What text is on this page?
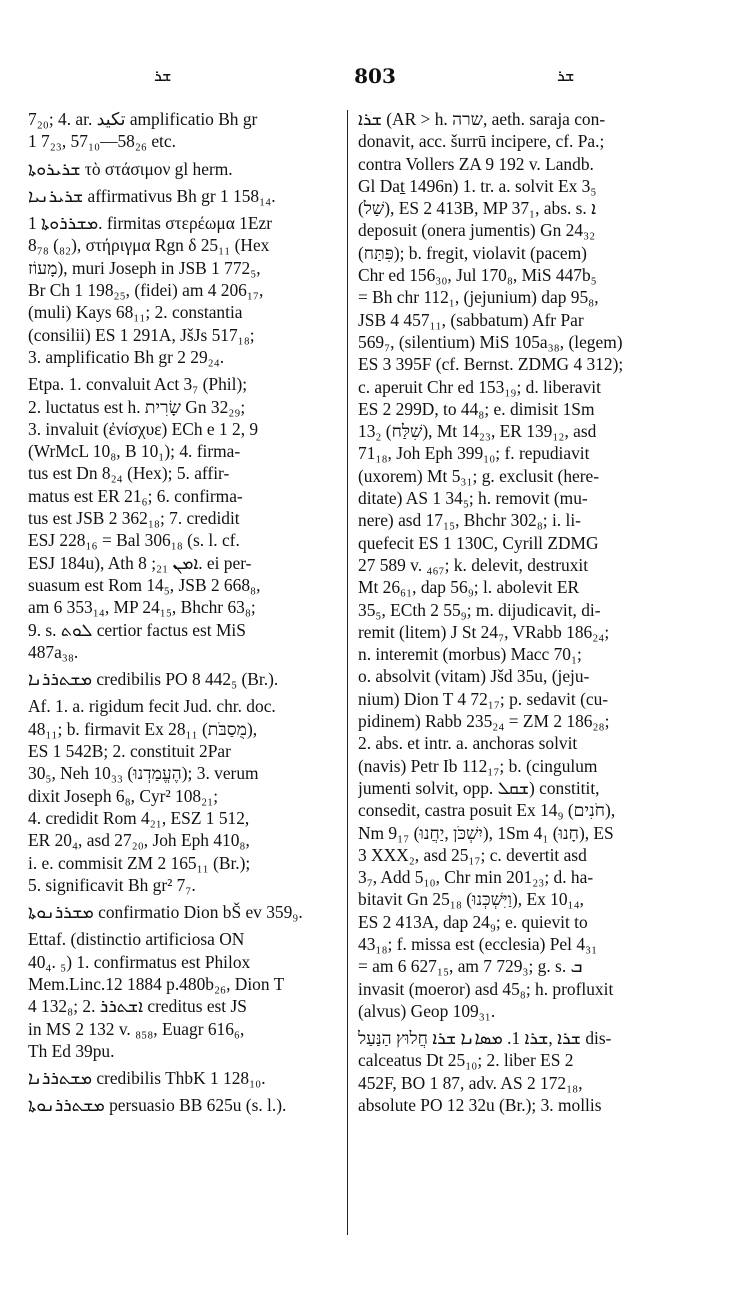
ܫܪ	803	ܫܪ
7₂₀; 4. ar. ﺗﻜﯿﺪ amplificatio Bh gr
1 7₂₃, 57₁₀—58₂₆ etc.
ܫܪܝܪܘܬܐ τὸ στάσιμον gl herm.
ܫܪܝܪܢܝܐ affirmativus Bh gr 1 158₁₄.
ܡܫܪܪܘܬܐ 1. firmitas στερέωμα 1Ezr
8₇₈ (₈₂), στήριγμα Rgn δ 25₁₁ (Hex
מָעוֹז), muri Joseph in JSB 1 772₅,
Br Ch 1 198₂₅, (fidei) am 4 206₁₇,
(muli) Kays 68₁₁; 2. constantia
(consilii) ES 1 291A, JšJs 517₁₈;
3. amplificatio Bh gr 2 29₂₄.
Etpa. 1. convaluit Act 3₇ (Phil);
2. luctatus est h. שָׂרִית Gn 32₂₉;
3. invaluit (ἐνίσχυε) ECh e 1 2, 9
(WrMcL 10₈, B 10₁); 4. firma-
tus est Dn 8₂₄ (Hex); 5. affir-
matus est ER 21₆; 6. confirma-
tus est JSB 2 362₁₈; 7. credidit
ESJ 228₁₆ = Bal 306₁₈ (s. l. cf.
ESJ 184u), Ath ܐܡܢ ₂₁; 8. ei per-
suasum est Rom 14₅, JSB 2 668₈,
am 6 353₁₄, MP 24₁₅, Bhchr 63₈;
9. s. ܠܘܬ certior factus est MiS
487a₃₈.
ܡܫܬܪܪܢܐ credibilis PO 8 442₅ (Br.).
Af. 1. a. rigidum fecit Jud. chr. doc.
48₁₁; b. firmavit Ex 28₁₁ (מֻסַבֹּת),
ES 1 542B; 2. constituit 2Par
30₅, Neh 10₃₃ (הֶעֱמַדְנוּ); 3. verum
dixit Joseph 6₈, Cyr² 108₂₁;
4. credidit Rom 4₂₁, ESZ 1 512,
ER 20₄, asd 27₂₀, Joh Eph 410₈,
i. e. commisit ZM 2 165₁₁ (Br.);
5. significavit Bh gr² 7₇.
ܡܫܪܪܢܘܬܐ confirmatio Dion bŠ ev 359₉.
Ettaf. (distinctio artificiosa ON
40₄. ₅) 1. confirmatus est Philox
Mem.Linc.12 1884 p.480b₂₆, Dion T
4 132₈; 2. ܐܫܬܪܪ creditus est JS
in MS 2 132 v. ₈₅₈, Euagr 616₆,
Th Ed 39pu.
ܡܫܬܪܪܢܐ credibilis ThbK 1 128₁₀.
ܡܫܬܪܪܢܘܬܐ persuasio BB 625u (s. l.).
ܫܪܐ (AR > h. שרה, aeth. saraja con-
donavit, acc. šurrū incipere, cf. Pa.;
contra Vollers ZA 9 192 v. Landb.
Gl Daṯ 1496n) 1. tr. a. solvit Ex 3₅
(שַׁל), ES 2 413B, MP 37₁, abs. s. ܐ
deposuit (onera jumentis) Gn 24₃₂
(פִּתַּח); b. fregit, violavit (pacem)
Chr ed 156₃₀, Jul 170₈, MiS 447b₅
= Bh chr 112₁, (jejunium) dap 95₈,
JSB 4 457₁₁, (sabbatum) Afr Par
569₇, (silentium) MiS 105a₃₈, (legem)
ES 3 395F (cf. Bernst. ZDMG 4 312);
c. aperuit Chr ed 153₁₉; d. liberavit
ES 2 299D, to 44₈; e. dimisit 1Sm
13₂ (שִׁלַּח), Mt 14₂₃, ER 139₁₂, asd
71₁₈, Joh Eph 399₁₀; f. repudiavit
(uxorem) Mt 5₃₁; g. exclusit (here-
ditate) AS 1 34₅; h. removit (mu-
nere) asd 17₁₅, Bhchr 302₈; i. li-
quefecit ES 1 130C, Cyrill ZDMG
27 589 v. ₄₆₇; k. delevit, destruxit
Mt 26₆₁, dap 56₉; l. abolevit ER
35₅, ECth 2 55₉; m. dijudicavit, di-
remit (litem) J St 24₇, VRabb 186₂₄;
n. interemit (morbus) Macc 70₁;
o. absolvit (vitam) Jšd 35u, (jeju-
nium) Dion T 4 72₁₇; p. sedavit (cu-
pidinem) Rabb 235₂₄ = ZM 2 186₂₈;
2. abs. et intr. a. anchoras solvit
(navis) Petr Ib 112₁₇; b. (cingulum
jumenti solvit, opp. ܫܩܠ) constitit,
consedit, castra posuit Ex 14₉ (חֹנִים),
Nm 9₁₇ (יִשְׁכֹּן ,יַחֲנוּ), 1Sm 4₁ (חָנוּ), ES
3 XXX₂, asd 25₁₇; c. devertit asd
3₇, Add 5₁₀, Chr min 201₂₃; d. ha-
bitavit Gn 25₁₈ (וַיִּשְׁכְּנוּ), Ex 10₁₄,
ES 2 413A, dap 24₉; e. quievit to
43₁₈; f. missa est (ecclesia) Pel 4₃₁
= am 6 627₁₅, am 7 729₃; g. s. ܒ
invasit (moeror) asd 45₈; h. profluxit
(alvus) Geop 109₃₁.
ܫܪܐ ,ܫܪܐ 1. ܡܣܐܢܐ ܫܪܐ חֲלוּץ הַנַּעַל dis-
calceatus Dt 25₁₀; 2. liber ES 2
452F, BO 1 87, adv. AS 2 172₁₈,
absolute PO 12 32u (Br.); 3. mollis
